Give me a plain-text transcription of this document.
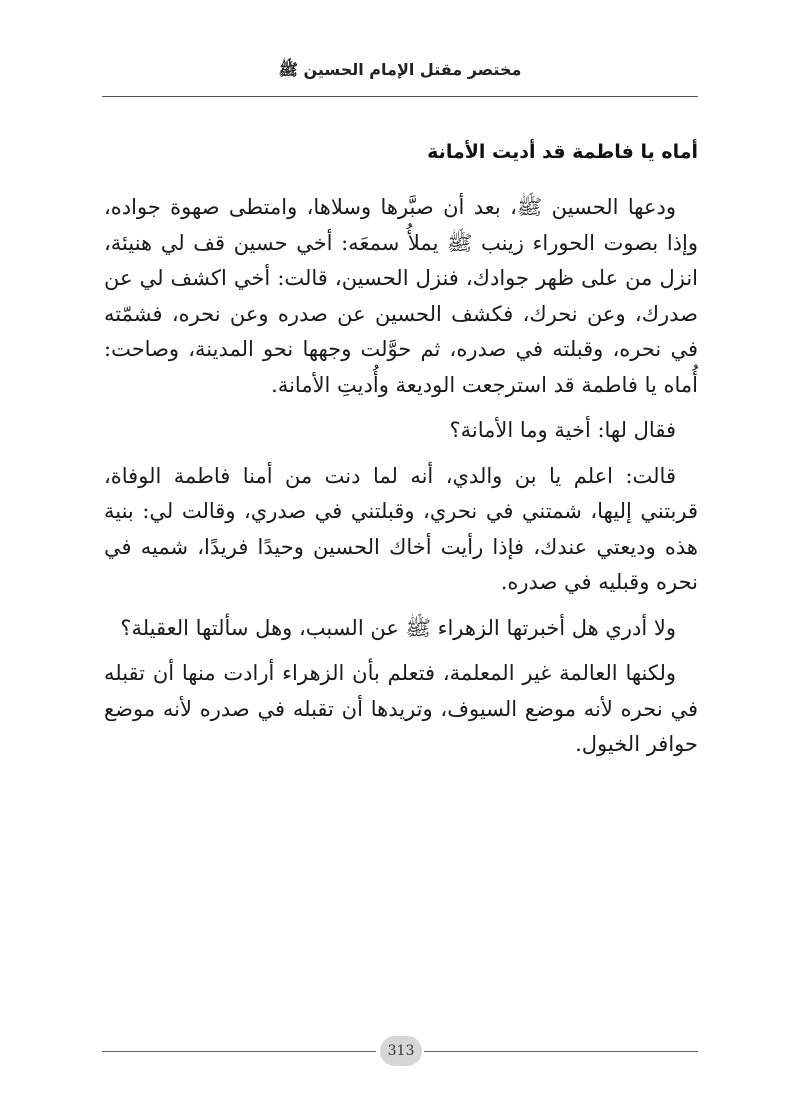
مختصر مقتل الإمام الحسين ﷺ
أماه يا فاطمة قد أديت الأمانة

ودعها الحسين ﷺ، بعد أن صبَّرها وسلاها، وامتطى صهوة جواده، وإذا بصوت الحوراء زينب ﷺ يملأُ سمعَه: أخي حسين قف لي هنيئة، انزل من على ظهر جوادك، فنزل الحسين، قالت: أخي اكشف لي عن صدرك، وعن نحرك، فكشف الحسين عن صدره وعن نحره، فشمّته في نحره، وقبلته في صدره، ثم حوَّلت وجهها نحو المدينة، وصاحت: أُماه يا فاطمة قد استرجعت الوديعة وأُديتِ الأمانة.

فقال لها: أخية وما الأمانة؟

قالت: اعلم يا بن والدي، أنه لما دنت من أمنا فاطمة الوفاة، قربتني إليها، شمتني في نحري، وقبلتني في صدري، وقالت لي: بنية هذه وديعتي عندك، فإذا رأيت أخاك الحسين وحيدًا فريدًا، شميه في نحره وقبليه في صدره.

ولا أدري هل أخبرتها الزهراء ﷺ عن السبب، وهل سألتها العقيلة؟

ولكنها العالمة غير المعلمة، فتعلم بأن الزهراء أرادت منها أن تقبله في نحره لأنه موضع السيوف، وتريدها أن تقبله في صدره لأنه موضع حوافر الخيول.

313
